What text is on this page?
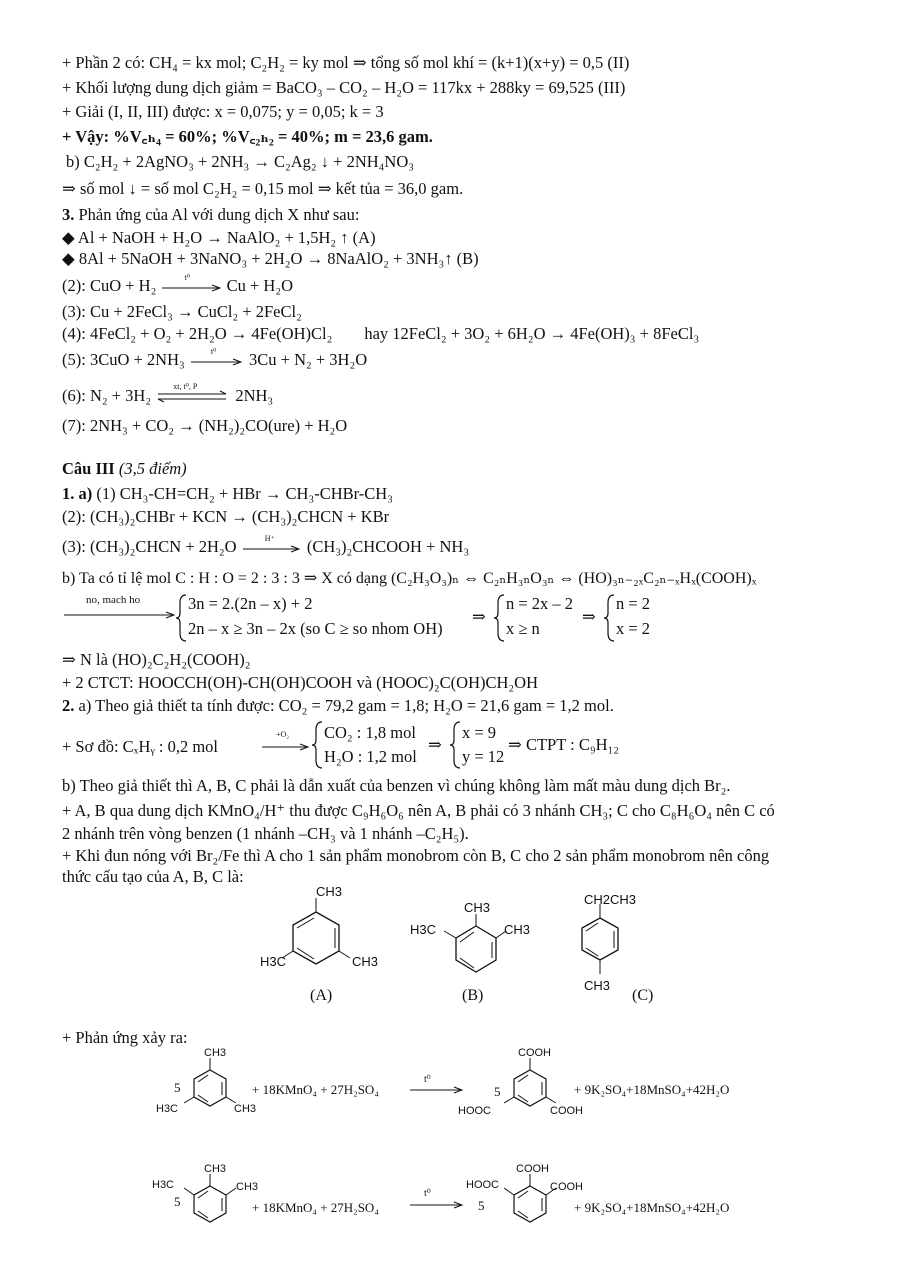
+ Phần 2 có: CH₄ = kx mol; C₂H₂ = ky mol ⇒ tổng số mol khí = (k+1)(x+y) = 0,5 (II)
+ Khối lượng dung dịch giảm = BaCO₃ – CO₂ – H₂O = 117kx + 288ky = 69,525 (III)
+ Giải (I, II, III) được: x = 0,075; y = 0,05; k = 3
+ Vậy: %V꜀ₕ₄ = 60%; %V꜀₂ₕ₂ = 40%; m = 23,6 gam.
b) C₂H₂ + 2AgNO₃ + 2NH₃ → C₂Ag₂ ↓ + 2NH₄NO₃
⇒ số mol ↓ = số mol C₂H₂ = 0,15 mol ⇒ kết tủa = 36,0 gam.
3. Phản ứng của Al với dung dịch X như sau:
◆ Al + NaOH + H₂O → NaAlO₂ + 1,5H₂ ↑ (A)
◆ 8Al + 5NaOH + 3NaNO₃ + 2H₂O → 8NaAlO₂ + 3NH₃↑ (B)
(2): CuO + H₂	t⁰ Cu + H₂O
(3): Cu + 2FeCl₃ → CuCl₂ + 2FeCl₂
(4): 4FeCl₂ + O₂ + 2H₂O → 4Fe(OH)Cl₂ hay 12FeCl₂ + 3O₂ + 6H₂O → 4Fe(OH)₃ + 8FeCl₃
(5): 3CuO + 2NH₃	t⁰ 3Cu + N₂ + 3H₂O
(6): N₂ + 3H₂	xt, t⁰, P 2NH₃
(7): 2NH₃ + CO₂ → (NH₂)₂CO(ure) + H₂O
Câu III (3,5 điểm)
1. a) (1) CH₃-CH=CH₂ + HBr → CH₃-CHBr-CH₃
(2): (CH₃)₂CHBr + KCN → (CH₃)₂CHCN + KBr
(3): (CH₃)₂CHCN + 2H₂O	H⁺ (CH₃)₂CHCOOH + NH₃
b) Ta có tỉ lệ mol C : H : O = 2 : 3 : 3 ⇒ X có dạng (C₂H₃O₃)ₙ ⇔ C₂ₙH₃ₙO₃ₙ ⇔ (HO)₃ₙ₋₂ₓC₂ₙ₋ₓHₓ(COOH)ₓ
no, mach ho	3n = 2.(2n – x) + 2
2n – x ≥ 3n – 2x (so C ≥ so nhom OH)
⇒
n = 2x – 2
x ≥ n
⇒
n = 2
x = 2
⇒ N là (HO)₂C₂H₂(COOH)₂
+ 2 CTCT: HOOCCH(OH)-CH(OH)COOH và (HOOC)₂C(OH)CH₂OH
2. a) Theo giả thiết ta tính được: CO₂ = 79,2 gam = 1,8; H₂O = 21,6 gam = 1,2 mol.
+ Sơ đồ: CₓHᵧ : 0,2 mol
+O₂ CO₂ : 1,8 mol
H₂O : 1,2 mol
⇒
x = 9
y = 12
⇒ CTPT : C₉H₁₂
b) Theo giả thiết thì A, B, C phải là dẫn xuất của benzen vì chúng không làm mất màu dung dịch Br₂.
+ A, B qua dung dịch KMnO₄/H⁺ thu được C₉H₆O₆ nên A, B phải có 3 nhánh CH₃; C cho C₈H₆O₄ nên C có
2 nhánh trên vòng benzen (1 nhánh –CH₃ và 1 nhánh –C₂H₅).
+ Khi đun nóng với Br₂/Fe thì A cho 1 sản phẩm monobrom còn B, C cho 2 sản phẩm monobrom nên công
thức cấu tạo của A, B, C là:
CH3
H3C	CH3
(A)
CH3
H3C	CH3
(B)
CH2CH3
CH3
(C)
+ Phản ứng xảy ra:
5
CH3
H3C	CH3
+ 18KMnO₄ + 27H₂SO₄
t⁰
5
COOH
HOOC	COOH
+ 9K₂SO₄+18MnSO₄+42H₂O
5
CH3
H3C	CH3
+ 18KMnO₄ + 27H₂SO₄
t⁰
5
COOH
HOOC	COOH
+ 9K₂SO₄+18MnSO₄+42H₂O
